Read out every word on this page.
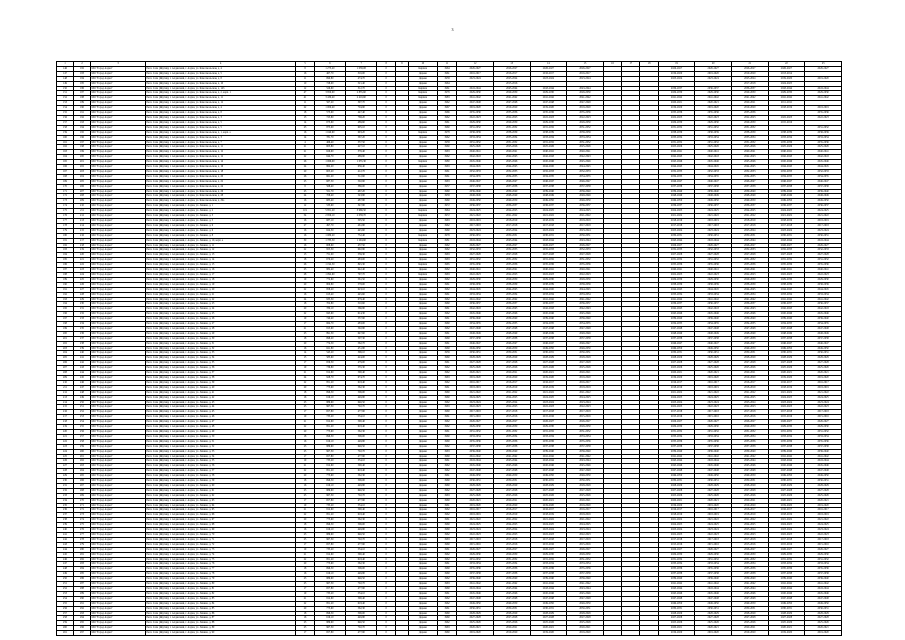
3
1	2	3	4	5	6	7	8	9	10	11	12	13	14	15	16	17	18	19	20	21	22	23
146	182	МО "Город Алдан"	Респ. Саха (Якутия), г. Алданский, г. Алдан, ул. Комсомольская, д. 4	8	1 273,20	1 038,08	0		Кирпич	1964	2026-2027	2026-2027	2026-2027	2026-2027				2026-2027	2026-2027	2026-2027	2026-2027	2026-2027
147	183	МО "Город Алдан"	Респ. Саха (Якутия), г. Алданский, г. Алдан, ул. Комсомольская, д. 5	16	467,70	316,00	0		Деревя	1961	2016-2017	2016-2017	2016-2017	2016-2017				2019-2020	2019-2020	2019-2020	2013-2014	
148	184	МО "Город Алдан"	Респ. Саха (Якутия), г. Алданский, г. Алдан, ул. Комсомольская, д. 8	11	690,80	474,70	0		Деревя	1958	2023-2024	2023-2024	2023-2024	2023-2024				2023-2024	2023-2024	2023-2024	2019-2020	2019-2020
149	185	МО "Город Алдан"	Респ. Саха (Якутия), г. Алданский, г. Алдан, ул. Комсомольская, д. 10	10	728,00	521,40	0		Деревя	1964		2015-2016								2017-2018	2024-2025	
150	186	МО "Город Алдан"	Респ. Саха (Якутия), г. Алданский, г. Алдан, ул. Комсомольская, д. 14б	12	526,60	312,70	0		Кирпич	1961	2043-2044	2043-2044	2043-2044	2043-2044				2036-2037	2036-2037	2036-2037	2043-2044	2043-2044
151	187	МО "Город Алдан"	Респ. Саха (Якутия), г. Алданский, г. Алдан, ул. Комсомольская, д. 2, корп. 1	47	3 850,00	2 835,60	0		Кирпич	1979	2029-2030	2029-2030	2029-2030	2029-2030				2029-2030	2029-2030	2029-2030	2029-2030	2029-2030
152	188	МО "Город Алдан"	Респ. Саха (Якутия), г. Алданский, г. Алдан, ул. Комсомольская, д. 11	41	3 430,40	2 419,60	0		Кирпич	1983	2041-2042	2041-2042	2041-2042	2041-2042				2041-2042	2041-2042	2041-2042	2041-2042	2041-2042
153	189	МО "Город Алдан"	Респ. Саха (Якутия), г. Алданский, г. Алдан, ул. Комсомольская, д. 12	11	567,20	397,70	0		Деревя	1962	2047-2048	2047-2048	2047-2048	2047-2048				2020-2021	2020-2021	2020-2021	2011-2012	
154	190	МО "Город Алдан"	Респ. Саха (Якутия), г. Алданский, г. Алдан, ул. Комсомольская, д. 4	22	1 000,40	704,90	0		Деревя	1967	2019-2020	2019-2020	2019-2020	2019-2020				2019-2020	2019-2020	2019-2020	2018-2019	2018-2019
155	191	МО "Город Алдан"	Респ. Саха (Якутия), г. Алданский, г. Алдан, ул. Комсомольская, д. 8	18	573,90	447,40	0		Деревя	1966	2035-2036	2035-2036	2035-2036	2035-2036				2035-2036	2035-2036	2035-2036		2035-2036
156	192	МО "Город Алдан"	Респ. Саха (Якутия), г. Алданский, г. Алдан, ул. Комсомольская, д. 3	13	725,80	768,20	0		Деревя	1962	2022-2023	2022-2023	2022-2023	2022-2023				2022-2023	2022-2023	2022-2023	2022-2023	2022-2023
157	193	МО "Город Алдан"	Респ. Саха (Якутия), г. Алданский, г. Алдан, ул. Комсомольская, д. 5	14	673,60	489,60	0		Деревя	1961	2029-2030	2029-2030	2029-2030	2029-2030				2029-2030	2029-2030	2029-2030	2015-2016	
158	194	МО "Город Алдан"	Респ. Саха (Якутия), г. Алданский, г. Алдан, ул. Комсомольская, д. 5	23	875,00	605,10	0		Деревя	1960	2031-2032	2031-2032	2031-2032	2031-2032				2031-2032	2031-2032	2031-2032		2031-2032
159	195	МО "Город Алдан"	Респ. Саха (Якутия), г. Алданский, г. Алдан, ул. Комсомольская, д. 1, корп. а	16	1 040,90	693,20	0		Кирпич	1978	2038-2039	2038-2039	2038-2039	2038-2039				2038-2039	2038-2039	2038-2039	2038-2039	2038-2039
160	196	МО "Город Алдан"	Респ. Саха (Якутия), г. Алданский, г. Алдан, ул. Комсомольская, д. 3	14	781,70	567,20	0		Деревя	1962	2033-2034	2033-2034	2033-2034	2033-2034				2033-2034	2033-2034	2033-2034	2033-2034	2033-2034
161	197	МО "Город Алдан"	Респ. Саха (Якутия), г. Алданский, г. Алдан, ул. Комсомольская, д. 7	4	466,40	337,50	0		Деревя	1958	2031-2032	2031-2032	2031-2032	2031-2032				2031-2032	2031-2032	2031-2032	2035-2036	2035-2036
162	198	МО "Город Алдан"	Респ. Саха (Якутия), г. Алданский, г. Алдан, ул. Комсомольская, д. 11	21	603,80	427,10	0		Деревя	1960	2025-2026	2025-2026	2025-2026	2025-2026				2025-2026	2025-2026	2025-2026	2025-2026	2025-2026
163	199	МО "Город Алдан"	Респ. Саха (Якутия), г. Алданский, г. Алдан, ул. Комсомольская, д. 12	21	626,90	376,40	0		Деревя	1963	2040-2041	2040-2041	2040-2041	2040-2041				2040-2041	2040-2041	2040-2041	2040-2041	2040-2041
164	200	МО "Город Алдан"	Респ. Саха (Якутия), г. Алданский, г. Алдан, ул. Комсомольская, д. 12	22	644,70	489,90	0		Деревя	1962	2042-2043	2042-2043	2042-2043	2042-2043				2042-2043	2042-2043	2042-2043	2042-2043	2042-2043
165	201	МО "Город Алдан"	Респ. Саха (Якутия), г. Алданский, г. Алдан, ул. Комсомольская, д. 14	26	1 066,00	1 055,30	0		Кирпич	1980	2045-2046	2045-2046	2045-2046	2045-2046				2045-2046	2045-2046	2045-2046	2045-2046	2045-2046
166	202	МО "Город Алдан"	Респ. Саха (Якутия), г. Алданский, г. Алдан, ул. Комсомольская, д. 16	24	862,20	636,40	0		Деревя	1963	2044-2045	2044-2045	2044-2045	2044-2045				2044-2045	2044-2045	2044-2045	2044-2045	2044-2045
167	203	МО "Город Алдан"	Респ. Саха (Якутия), г. Алданский, г. Алдан, ул. Комсомольская, д. 18	20	605,20	412,70	0		Деревя	1961	2032-2033	2032-2033	2032-2033	2032-2033				2032-2033	2032-2033	2032-2033	2032-2033	2032-2033
168	204	МО "Город Алдан"	Респ. Саха (Якутия), г. Алданский, г. Алдан, ул. Комсомольская, д. 20	26	661,20	512,60	0		Деревя	1961	2034-2035	2034-2035	2034-2035	2034-2035				2034-2035	2034-2035	2034-2035	2034-2035	2034-2035
169	205	МО "Город Алдан"	Респ. Саха (Якутия), г. Алданский, г. Алдан, ул. Комсомольская, д. 22	25	687,50	502,90	0		Деревя	1963	2046-2047	2046-2047	2046-2047	2046-2047				2046-2047	2046-2047	2046-2047	2046-2047	2046-2047
170	206	МО "Город Алдан"	Респ. Саха (Якутия), г. Алданский, г. Алдан, ул. Комсомольская, д. 24	8	568,40	386,00	0		Деревя	1957	2037-2038	2037-2038	2037-2038	2037-2038				2037-2038	2037-2038	2037-2038	2037-2038	2037-2038
171	207	МО "Город Алдан"	Респ. Саха (Якутия), г. Алданский, г. Алдан, ул. Комсомольская, д. 26	23	551,70	467,20	0		Деревя	1960	2039-2040	2039-2040	2039-2040	2039-2040				2039-2040	2039-2040	2039-2040	2039-2040	2039-2040
172	208	МО "Город Алдан"	Респ. Саха (Якутия), г. Алданский, г. Алдан, ул. Комсомольская, д. 28	24	708,40	543,80	0		Деревя	1958	2048-2049	2048-2049	2048-2049	2048-2049				2048-2049	2048-2049	2048-2049	2048-2049	2048-2049
173	209	МО "Город Алдан"	Респ. Саха (Якутия), г. Алданский, г. Алдан, ул. Комсомольская, д. 29а	16	685,40	487,80	0		Деревя	1960	2049-2050	2049-2050	2049-2050	2049-2050				2049-2050	2049-2050	2049-2050	2049-2050	2049-2050
174	210	МО "Город Алдан"	Респ. Саха (Якутия), г. Алданский, г. Алдан, ул. Ленина, д. 1	12	533,90	347,80	0		Деревя	1972	2036-2037	2036-2037	2036-2037	2036-2037				2036-2037	2036-2037	2036-2037	2036-2037	2036-2037
175	211	МО "Город Алдан"	Респ. Саха (Якутия), г. Алданский, г. Алдан, ул. Ленина, д. 2	101	5 851,20	3 966,50	0		Кирпич	1964	2024-2025	2024-2025	2024-2025	2024-2025				2024-2025	2024-2025	2024-2025	2024-2025	2024-2025
176	212	МО "Город Алдан"	Респ. Саха (Якутия), г. Алданский, г. Алдан, ул. Ленина, д. 3	54	2 859,10	2 038,70	0		Кирпич	1972	2021-2022	2021-2022	2021-2022	2021-2022				2021-2022	2021-2022	2021-2022	2021-2022	2021-2022
177	213	МО "Город Алдан"	Респ. Саха (Якутия), г. Алданский, г. Алдан, ул. Ленина, д. 5	16	687,10	505,50	0		Деревя	1963	2018-2019	2018-2019	2018-2019	2018-2019				2018-2019	2018-2019	2018-2019	2018-2019	2018-2019
178	214	МО "Город Алдан"	Респ. Саха (Якутия), г. Алданский, г. Алдан, ул. Ленина, д. 6	27	497,70	461,80	0		Деревя	1962	2017-2018	2017-2018	2017-2018	2017-2018				2017-2018	2017-2018	2017-2018	2017-2018	2017-2018
179	215	МО "Город Алдан"	Респ. Саха (Якутия), г. Алданский, г. Алдан, ул. Ленина, д. 6	16	624,30	445,60	0		Деревя	1960	2023-2024	2023-2024	2023-2024	2023-2024				2023-2024	2023-2024	2023-2024	2023-2024	2023-2024
180	216	МО "Город Алдан"	Респ. Саха (Якутия), г. Алданский, г. Алдан, ул. Ленина, д. 8	16	1 080,20	752,40	0		Кирпич	1979	2030-2031	2030-2031	2030-2031	2030-2031				2030-2031	2030-2031	2030-2031	2030-2031	2030-2031
181	217	МО "Город Алдан"	Респ. Саха (Якутия), г. Алданский, г. Алдан, ул. Ленина, д. 10, корп. а	30	1 783,50	1 294,60	0		Кирпич	1981	2043-2044	2043-2044	2043-2044	2043-2044				2043-2044	2043-2044	2043-2044	2043-2044	2043-2044
182	218	МО "Город Алдан"	Респ. Саха (Якутия), г. Алданский, г. Алдан, ул. Ленина, д. 11	16	608,60	437,50	0		Деревя	1962	2026-2027	2026-2027	2026-2027	2026-2027				2026-2027	2026-2027	2026-2027	2026-2027	2026-2027
183	219	МО "Город Алдан"	Респ. Саха (Якутия), г. Алданский, г. Алдан, ул. Ленина, д. 12	22	955,30	692,80	0		Деревя	1962	2032-2033	2032-2033	2032-2033	2032-2033				2032-2033	2032-2033	2032-2033	2032-2033	2032-2033
184	220	МО "Город Алдан"	Респ. Саха (Якутия), г. Алданский, г. Алдан, ул. Ленина, д. 13	13	751,00	539,30	0		Деревя	1963	2027-2028	2027-2028	2027-2028	2027-2028				2027-2028	2027-2028	2027-2028	2027-2028	2027-2028
185	221	МО "Город Алдан"	Респ. Саха (Якутия), г. Алданский, г. Алдан, ул. Ленина, д. 14	18	670,20	483,00	0		Деревя	1963	2031-2032	2031-2032	2031-2032	2031-2032				2031-2032	2031-2032	2031-2032	2031-2032	2031-2032
186	222	МО "Город Алдан"	Респ. Саха (Якутия), г. Алданский, г. Алдан, ул. Ленина, д. 15	26	1 192,50	845,30	0		Кирпич	1965	2035-2036	2035-2036	2035-2036	2035-2036				2035-2036	2035-2036	2035-2036	2035-2036	2035-2036
187	223	МО "Город Алдан"	Респ. Саха (Якутия), г. Алданский, г. Алдан, ул. Ленина, д. 16	23	882,40	642,40	0		Деревя	1962	2040-2041	2040-2041	2040-2041	2040-2041				2040-2041	2040-2041	2040-2041	2040-2041	2040-2041
188	224	МО "Город Алдан"	Респ. Саха (Якутия), г. Алданский, г. Алдан, ул. Ленина, д. 17	28	1 092,90	797,70	0		Кирпич	1963	2022-2023	2022-2023	2022-2023	2022-2023				2022-2023	2022-2023	2022-2023	2022-2023	2022-2023
189	225	МО "Город Алдан"	Респ. Саха (Якутия), г. Алданский, г. Алдан, ул. Ленина, д. 18	19	772,60	561,50	0		Деревя	1962	2029-2030	2029-2030	2029-2030	2029-2030				2029-2030	2029-2030	2029-2030	2029-2030	2029-2030
190	226	МО "Город Алдан"	Респ. Саха (Якутия), г. Алданский, г. Алдан, ул. Ленина, д. 19	20	800,80	578,00	0		Деревя	1961	2038-2039	2038-2039	2038-2039	2038-2039				2038-2039	2038-2039	2038-2039	2038-2039	2038-2039
191	227	МО "Город Алдан"	Респ. Саха (Якутия), г. Алданский, г. Алдан, ул. Ленина, д. 20	22	858,20	623,10	0		Деревя	1962	2044-2045	2044-2045	2044-2045	2044-2045				2044-2045	2044-2045	2044-2045	2044-2045	2044-2045
192	228	МО "Город Алдан"	Респ. Саха (Якутия), г. Алданский, г. Алдан, ул. Ленина, д. 21	16	613,40	445,60	0		Деревя	1961	2033-2034	2033-2034	2033-2034	2033-2034				2033-2034	2033-2034	2033-2034	2033-2034	2033-2034
193	229	МО "Город Алдан"	Респ. Саха (Якутия), г. Алданский, г. Алдан, ул. Ленина, д. 22	24	935,30	679,40	0		Деревя	1962	2041-2042	2041-2042	2041-2042	2041-2042				2041-2042	2041-2042	2041-2042	2041-2042	2041-2042
194	230	МО "Город Алдан"	Респ. Саха (Якутия), г. Алданский, г. Алдан, ул. Ленина, д. 23	18	702,80	510,60	0		Деревя	1960	2036-2037	2036-2037	2036-2037	2036-2037				2036-2037	2036-2037	2036-2037	2036-2037	2036-2037
195	231	МО "Город Алдан"	Респ. Саха (Якутия), г. Алданский, г. Алдан, ул. Ленина, д. 24	20	780,10	566,80	0		Деревя	1961	2042-2043	2042-2043	2042-2043	2042-2043				2042-2043	2042-2043	2042-2043	2042-2043	2042-2043
196	232	МО "Город Алдан"	Респ. Саха (Якутия), г. Алданский, г. Алдан, ул. Ленина, д. 25	22	845,60	614,30	0		Деревя	1962	2045-2046	2045-2046	2045-2046	2045-2046				2045-2046	2045-2046	2045-2046	2045-2046	2045-2046
197	233	МО "Город Алдан"	Респ. Саха (Якутия), г. Алданский, г. Алдан, ул. Ленина, д. 26	19	740,40	537,90	0		Деревя	1961	2039-2040	2039-2040	2039-2040	2039-2040				2039-2040	2039-2040	2039-2040	2039-2040	2039-2040
198	234	МО "Город Алдан"	Респ. Саха (Якутия), г. Алданский, г. Алдан, ул. Ленина, д. 27	17	664,70	483,00	0		Деревя	1960	2034-2035	2034-2035	2034-2035	2034-2035				2034-2035	2034-2035	2034-2035	2034-2035	2034-2035
199	235	МО "Город Алдан"	Респ. Саха (Якутия), г. Алданский, г. Алдан, ул. Ленина, д. 28	21	815,90	592,80	0		Деревя	1962	2047-2048	2047-2048	2047-2048	2047-2048				2047-2048	2047-2048	2047-2048	2047-2048	2047-2048
200	236	МО "Город Алдан"	Респ. Саха (Якутия), г. Алданский, г. Алдан, ул. Ленина, д. 29	23	891,30	647,60	0		Деревя	1961	2048-2049	2048-2049	2048-2049	2048-2049				2048-2049	2048-2049	2048-2049	2048-2049	2048-2049
201	237	МО "Город Алдан"	Респ. Саха (Якутия), г. Алданский, г. Алдан, ул. Ленина, д. 30	18	698,20	507,30	0		Деревя	1960	2037-2038	2037-2038	2037-2038	2037-2038				2037-2038	2037-2038	2037-2038	2037-2038	2037-2038
202	238	МО "Город Алдан"	Респ. Саха (Якутия), г. Алданский, г. Алдан, ул. Ленина, д. 31	20	774,50	562,70	0		Деревя	1961	2046-2047	2046-2047	2046-2047	2046-2047				2046-2047	2046-2047	2046-2047	2046-2047	2046-2047
203	239	МО "Город Алдан"	Респ. Саха (Якутия), г. Алданский, г. Алдан, ул. Ленина, д. 32	16	621,80	451,80	0		Деревя	1960	2049-2050	2049-2050	2049-2050	2049-2050				2049-2050	2049-2050	2049-2050	2049-2050	2049-2050
204	240	МО "Город Алдан"	Респ. Саха (Якутия), г. Алданский, г. Алдан, ул. Ленина, д. 33	14	545,20	396,10	0		Деревя	1959	2030-2031	2030-2031	2030-2031	2030-2031				2030-2031	2030-2031	2030-2031	2030-2031	2030-2031
205	241	МО "Город Алдан"	Респ. Саха (Якутия), г. Алданский, г. Алдан, ул. Ленина, д. 34	15	583,60	424,00	0		Деревя	1960	2028-2029	2028-2029	2028-2029	2028-2029				2028-2029	2028-2029	2028-2029	2028-2029	2028-2029
206	242	МО "Город Алдан"	Респ. Саха (Якутия), г. Алданский, г. Алдан, ул. Ленина, д. 35	17	659,30	479,00	0		Деревя	1961	2027-2028	2027-2028	2027-2028	2027-2028				2027-2028	2027-2028	2027-2028	2027-2028	2027-2028
207	243	МО "Город Алдан"	Респ. Саха (Якутия), г. Алданский, г. Алдан, ул. Ленина, д. 36	19	736,80	535,30	0		Деревя	1962	2025-2026	2025-2026	2025-2026	2025-2026				2025-2026	2025-2026	2025-2026	2025-2026	2025-2026
208	244	МО "Город Алдан"	Респ. Саха (Якутия), г. Алданский, г. Алдан, ул. Ленина, д. 37	21	812,60	590,40	0		Деревя	1962	2020-2021	2020-2021	2020-2021	2020-2021				2020-2021	2020-2021	2020-2021	2020-2021	2020-2021
209	245	МО "Город Алдан"	Респ. Саха (Якутия), г. Алданский, г. Алдан, ул. Ленина, д. 38	24	928,70	674,70	0		Деревя	1963	2019-2020	2019-2020	2019-2020	2019-2020				2019-2020	2019-2020	2019-2020	2019-2020	2019-2020
210	246	МО "Город Алдан"	Респ. Саха (Якутия), г. Алданский, г. Алдан, ул. Ленина, д. 39	22	851,20	618,40	0		Деревя	1962	2016-2017	2016-2017	2016-2017	2016-2017				2016-2017	2016-2017	2016-2017	2016-2017	2016-2017
211	247	МО "Город Алдан"	Респ. Саха (Якутия), г. Алданский, г. Алдан, ул. Ленина, д. 40	20	773,90	562,30	0		Деревя	1961	2018-2019	2018-2019	2018-2019	2018-2019				2018-2019	2018-2019	2018-2019	2018-2019	2018-2019
212	248	МО "Город Алдан"	Респ. Саха (Якутия), г. Алданский, г. Алдан, ул. Ленина, д. 41	18	696,50	506,00	0		Деревя	1960	2021-2022	2021-2022	2021-2022	2021-2022				2021-2022	2021-2022	2021-2022	2021-2022	2021-2022
213	249	МО "Город Алдан"	Респ. Саха (Якутия), г. Алданский, г. Алдан, ул. Ленина, д. 42	16	619,10	449,80	0		Деревя	1960	2024-2025	2024-2025	2024-2025	2024-2025				2024-2025	2024-2025	2024-2025	2024-2025	2024-2025
214	250	МО "Город Алдан"	Респ. Саха (Якутия), г. Алданский, г. Алдан, ул. Ленина, д. 43	23	889,90	646,50	0		Деревя	1962	2023-2024	2023-2024	2023-2024	2023-2024				2023-2024	2023-2024	2023-2024	2023-2024	2023-2024
215	251	МО "Город Алдан"	Респ. Саха (Якутия), г. Алданский, г. Алдан, ул. Ленина, д. 44	25	967,30	702,70	0		Деревя	1963	2022-2023	2022-2023	2022-2023	2022-2023				2022-2023	2022-2023	2022-2023	2022-2023	2022-2023
216	252	МО "Город Алдан"	Респ. Саха (Якутия), г. Алданский, г. Алдан, ул. Ленина, д. 45	17	657,80	477,90	0		Деревя	1960	2017-2018	2017-2018	2017-2018	2017-2018				2017-2018	2017-2018	2017-2018	2017-2018	2017-2018
217	253	МО "Город Алдан"	Респ. Саха (Якутия), г. Алданский, г. Алдан, ул. Ленина, д. 46	19	735,20	534,10	0		Деревя	1961	2015-2016	2015-2016	2015-2016	2015-2016				2015-2016	2015-2016	2015-2016	2015-2016	2015-2016
218	254	МО "Город Алдан"	Респ. Саха (Якутия), г. Алданский, г. Алдан, ул. Ленина, д. 47	21	812,60	590,40	0		Деревя	1962	2026-2027	2026-2027	2026-2027	2026-2027				2026-2027	2026-2027	2026-2027	2026-2027	2026-2027
219	255	МО "Город Алдан"	Респ. Саха (Якутия), г. Алданский, г. Алдан, ул. Ленина, д. 48	22	851,20	618,40	0		Деревя	1962	2029-2030	2029-2030	2029-2030	2029-2030				2029-2030	2029-2030	2029-2030	2029-2030	2029-2030
220	256	МО "Город Алдан"	Респ. Саха (Якутия), г. Алданский, г. Алдан, ул. Ленина, д. 49	20	773,90	562,30	0		Деревя	1961	2031-2032	2031-2032	2031-2032	2031-2032				2031-2032	2031-2032	2031-2032	2031-2032	2031-2032
221	257	МО "Город Алдан"	Респ. Саха (Якутия), г. Алданский, г. Алдан, ул. Ленина, д. 50	18	696,50	506,00	0		Деревя	1960	2033-2034	2033-2034	2033-2034	2033-2034				2033-2034	2033-2034	2033-2034	2033-2034	2033-2034
222	258	МО "Город Алдан"	Респ. Саха (Якутия), г. Алданский, г. Алдан, ул. Ленина, д. 51	16	619,10	449,80	0		Деревя	1960	2035-2036	2035-2036	2035-2036	2035-2036				2035-2036	2035-2036	2035-2036	2035-2036	2035-2036
223	259	МО "Город Алдан"	Респ. Саха (Якутия), г. Алданский, г. Алдан, ул. Ленина, д. 52	23	889,90	646,50	0		Деревя	1962	2037-2038	2037-2038	2037-2038	2037-2038				2037-2038	2037-2038	2037-2038	2037-2038	2037-2038
224	260	МО "Город Алдан"	Респ. Саха (Якутия), г. Алданский, г. Алдан, ул. Ленина, д. 53	25	967,30	702,70	0		Деревя	1963	2039-2040	2039-2040	2039-2040	2039-2040				2039-2040	2039-2040	2039-2040	2039-2040	2039-2040
225	261	МО "Город Алдан"	Респ. Саха (Якутия), г. Алданский, г. Алдан, ул. Ленина, д. 54	17	657,80	477,90	0		Деревя	1960	2041-2042	2041-2042	2041-2042	2041-2042				2041-2042	2041-2042	2041-2042	2041-2042	2041-2042
226	262	МО "Город Алдан"	Респ. Саха (Якутия), г. Алданский, г. Алдан, ул. Ленина, д. 55	19	735,20	534,10	0		Деревя	1961	2043-2044	2043-2044	2043-2044	2043-2044				2043-2044	2043-2044	2043-2044	2043-2044	2043-2044
227	263	МО "Город Алдан"	Респ. Саха (Якутия), г. Алданский, г. Алдан, ул. Ленина, д. 56	21	812,60	590,40	0		Деревя	1962	2045-2046	2045-2046	2045-2046	2045-2046				2045-2046	2045-2046	2045-2046	2045-2046	2045-2046
228	264	МО "Город Алдан"	Респ. Саха (Якутия), г. Алданский, г. Алдан, ул. Ленина, д. 57	22	851,20	618,40	0		Деревя	1962	2047-2048	2047-2048	2047-2048	2047-2048				2047-2048	2047-2048	2047-2048	2047-2048	2047-2048
229	265	МО "Город Алдан"	Респ. Саха (Якутия), г. Алданский, г. Алдан, ул. Ленина, д. 58	20	773,90	562,30	0		Деревя	1961	2049-2050	2049-2050	2049-2050	2049-2050				2049-2050	2049-2050	2049-2050	2049-2050	2049-2050
230	266	МО "Город Алдан"	Респ. Саха (Якутия), г. Алданский, г. Алдан, ул. Ленина, д. 59	18	696,50	506,00	0		Деревя	1960	2030-2031	2030-2031	2030-2031	2030-2031				2030-2031	2030-2031	2030-2031	2030-2031	2030-2031
231	267	МО "Город Алдан"	Респ. Саха (Якутия), г. Алданский, г. Алдан, ул. Ленина, д. 60	16	619,10	449,80	0		Деревя	1960	2028-2029	2028-2029	2028-2029	2028-2029				2028-2029	2028-2029	2028-2029	2028-2029	2028-2029
232	268	МО "Город Алдан"	Респ. Саха (Якутия), г. Алданский, г. Алдан, ул. Ленина, д. 61	23	889,90	646,50	0		Деревя	1962	2027-2028	2027-2028	2027-2028	2027-2028				2027-2028	2027-2028	2027-2028	2027-2028	2027-2028
233	269	МО "Город Алдан"	Респ. Саха (Якутия), г. Алданский, г. Алдан, ул. Ленина, д. 62	25	967,30	702,70	0		Деревя	1963	2025-2026	2025-2026	2025-2026	2025-2026				2025-2026	2025-2026	2025-2026	2025-2026	2025-2026
234	270	МО "Город Алдан"	Респ. Саха (Якутия), г. Алданский, г. Алдан, ул. Ленина, д. 63	17	657,80	477,90	0		Деревя	1960	2020-2021	2020-2021	2020-2021	2020-2021				2020-2021	2020-2021	2020-2021	2020-2021	2020-2021
235	271	МО "Город Алдан"	Респ. Саха (Якутия), г. Алданский, г. Алдан, ул. Ленина, д. 64	19	735,20	534,10	0		Деревя	1961	2019-2020	2019-2020	2019-2020	2019-2020				2019-2020	2019-2020	2019-2020	2019-2020	2019-2020
236	272	МО "Город Алдан"	Респ. Саха (Якутия), г. Алданский, г. Алдан, ул. Ленина, д. 65	21	812,60	590,40	0		Деревя	1962	2016-2017	2016-2017	2016-2017	2016-2017				2016-2017	2016-2017	2016-2017	2016-2017	2016-2017
237	273	МО "Город Алдан"	Респ. Саха (Якутия), г. Алданский, г. Алдан, ул. Ленина, д. 66	22	851,20	618,40	0		Деревя	1962	2018-2019	2018-2019	2018-2019	2018-2019				2018-2019	2018-2019	2018-2019	2018-2019	2018-2019
238	274	МО "Город Алдан"	Респ. Саха (Якутия), г. Алданский, г. Алдан, ул. Ленина, д. 67	20	773,90	562,30	0		Деревя	1961	2021-2022	2021-2022	2021-2022	2021-2022				2021-2022	2021-2022	2021-2022	2021-2022	2021-2022
239	275	МО "Город Алдан"	Респ. Саха (Якутия), г. Алданский, г. Алдан, ул. Ленина, д. 68	18	696,50	506,00	0		Деревя	1960	2024-2025	2024-2025	2024-2025	2024-2025				2024-2025	2024-2025	2024-2025	2024-2025	2024-2025
240	276	МО "Город Алдан"	Респ. Саха (Якутия), г. Алданский, г. Алдан, ул. Ленина, д. 69	16	619,10	449,80	0		Деревя	1960	2023-2024	2023-2024	2023-2024	2023-2024				2023-2024	2023-2024	2023-2024	2023-2024	2023-2024
241	277	МО "Город Алдан"	Респ. Саха (Якутия), г. Алданский, г. Алдан, ул. Ленина, д. 70	23	889,90	646,50	0		Деревя	1962	2022-2023	2022-2023	2022-2023	2022-2023				2022-2023	2022-2023	2022-2023	2022-2023	2022-2023
242	278	МО "Город Алдан"	Респ. Саха (Якутия), г. Алданский, г. Алдан, ул. Ленина, д. 71	25	967,30	702,70	0		Деревя	1963	2017-2018	2017-2018	2017-2018	2017-2018				2017-2018	2017-2018	2017-2018	2017-2018	2017-2018
243	279	МО "Город Алдан"	Респ. Саха (Якутия), г. Алданский, г. Алдан, ул. Ленина, д. 72	17	657,80	477,90	0		Деревя	1960	2015-2016	2015-2016	2015-2016	2015-2016				2015-2016	2015-2016	2015-2016	2015-2016	2015-2016
244	280	МО "Город Алдан"	Респ. Саха (Якутия), г. Алданский, г. Алдан, ул. Ленина, д. 73	19	735,20	534,10	0		Деревя	1961	2026-2027	2026-2027	2026-2027	2026-2027				2026-2027	2026-2027	2026-2027	2026-2027	2026-2027
245	281	МО "Город Алдан"	Респ. Саха (Якутия), г. Алданский, г. Алдан, ул. Ленина, д. 74	21	812,60	590,40	0		Деревя	1962	2029-2030	2029-2030	2029-2030	2029-2030				2029-2030	2029-2030	2029-2030	2029-2030	2029-2030
246	282	МО "Город Алдан"	Респ. Саха (Якутия), г. Алданский, г. Алдан, ул. Ленина, д. 75	22	851,20	618,40	0		Деревя	1962	2031-2032	2031-2032	2031-2032	2031-2032				2031-2032	2031-2032	2031-2032	2031-2032	2031-2032
247	283	МО "Город Алдан"	Респ. Саха (Якутия), г. Алданский, г. Алдан, ул. Ленина, д. 76	20	773,90	562,30	0		Деревя	1961	2033-2034	2033-2034	2033-2034	2033-2034				2033-2034	2033-2034	2033-2034	2033-2034	2033-2034
248	284	МО "Город Алдан"	Респ. Саха (Якутия), г. Алданский, г. Алдан, ул. Ленина, д. 77	18	696,50	506,00	0		Деревя	1960	2035-2036	2035-2036	2035-2036	2035-2036				2035-2036	2035-2036	2035-2036	2035-2036	2035-2036
249	285	МО "Город Алдан"	Респ. Саха (Якутия), г. Алданский, г. Алдан, ул. Ленина, д. 78	16	619,10	449,80	0		Деревя	1960	2037-2038	2037-2038	2037-2038	2037-2038				2037-2038	2037-2038	2037-2038	2037-2038	2037-2038
250	286	МО "Город Алдан"	Респ. Саха (Якутия), г. Алданский, г. Алдан, ул. Ленина, д. 79	23	889,90	646,50	0		Деревя	1962	2039-2040	2039-2040	2039-2040	2039-2040				2039-2040	2039-2040	2039-2040	2039-2040	2039-2040
251	287	МО "Город Алдан"	Респ. Саха (Якутия), г. Алданский, г. Алдан, ул. Ленина, д. 80	25	967,30	702,70	0		Деревя	1963	2041-2042	2041-2042	2041-2042	2041-2042				2041-2042	2041-2042	2041-2042	2041-2042	2041-2042
252	288	МО "Город Алдан"	Респ. Саха (Якутия), г. Алданский, г. Алдан, ул. Ленина, д. 81	17	657,80	477,90	0		Деревя	1960	2043-2044	2043-2044	2043-2044	2043-2044				2043-2044	2043-2044	2043-2044	2043-2044	2043-2044
253	289	МО "Город Алдан"	Респ. Саха (Якутия), г. Алданский, г. Алдан, ул. Ленина, д. 82	19	735,20	534,10	0		Деревя	1961	2045-2046	2045-2046	2045-2046	2045-2046				2045-2046	2045-2046	2045-2046	2045-2046	2045-2046
254	290	МО "Город Алдан"	Респ. Саха (Якутия), г. Алданский, г. Алдан, ул. Ленина, д. 83	21	812,60	590,40	0		Деревя	1962	2047-2048	2047-2048	2047-2048	2047-2048				2047-2048	2047-2048	2047-2048	2047-2048	2047-2048
255	291	МО "Город Алдан"	Респ. Саха (Якутия), г. Алданский, г. Алдан, ул. Ленина, д. 84	22	851,20	618,40	0		Деревя	1962	2049-2050	2049-2050	2049-2050	2049-2050				2049-2050	2049-2050	2049-2050	2049-2050	2049-2050
256	292	МО "Город Алдан"	Респ. Саха (Якутия), г. Алданский, г. Алдан, ул. Ленина, д. 85	20	773,90	562,30	0		Деревя	1961	2030-2031	2030-2031	2030-2031	2030-2031				2030-2031	2030-2031	2030-2031	2030-2031	2030-2031
257	293	МО "Город Алдан"	Респ. Саха (Якутия), г. Алданский, г. Алдан, ул. Ленина, д. 86	18	696,50	506,00	0		Деревя	1960	2028-2029	2028-2029	2028-2029	2028-2029				2028-2029	2028-2029	2028-2029	2028-2029	2028-2029
258	294	МО "Город Алдан"	Респ. Саха (Якутия), г. Алданский, г. Алдан, ул. Ленина, д. 87	16	619,10	449,80	0		Деревя	1960	2027-2028	2027-2028	2027-2028	2027-2028				2027-2028	2027-2028	2027-2028	2027-2028	2027-2028
259	295	МО "Город Алдан"	Респ. Саха (Якутия), г. Алданский, г. Алдан, ул. Ленина, д. 88	23	889,90	646,50	0		Деревя	1962	2025-2026	2025-2026	2025-2026	2025-2026				2025-2026	2025-2026	2025-2026	2025-2026	2025-2026
260	296	МО "Город Алдан"	Респ. Саха (Якутия), г. Алданский, г. Алдан, ул. Ленина, д. 89	25	967,30	702,70	0		Деревя	1963	2020-2021	2020-2021	2020-2021	2020-2021				2020-2021	2020-2021	2020-2021	2020-2021	2020-2021
261	297	МО "Город Алдан"	Респ. Саха (Якутия), г. Алданский, г. Алдан, ул. Ленина, д. 90	17	657,80	477,90	0		Деревя	1960	2019-2020	2019-2020	2019-2020	2019-2020				2019-2020	2019-2020	2019-2020	2019-2020	2019-2020
